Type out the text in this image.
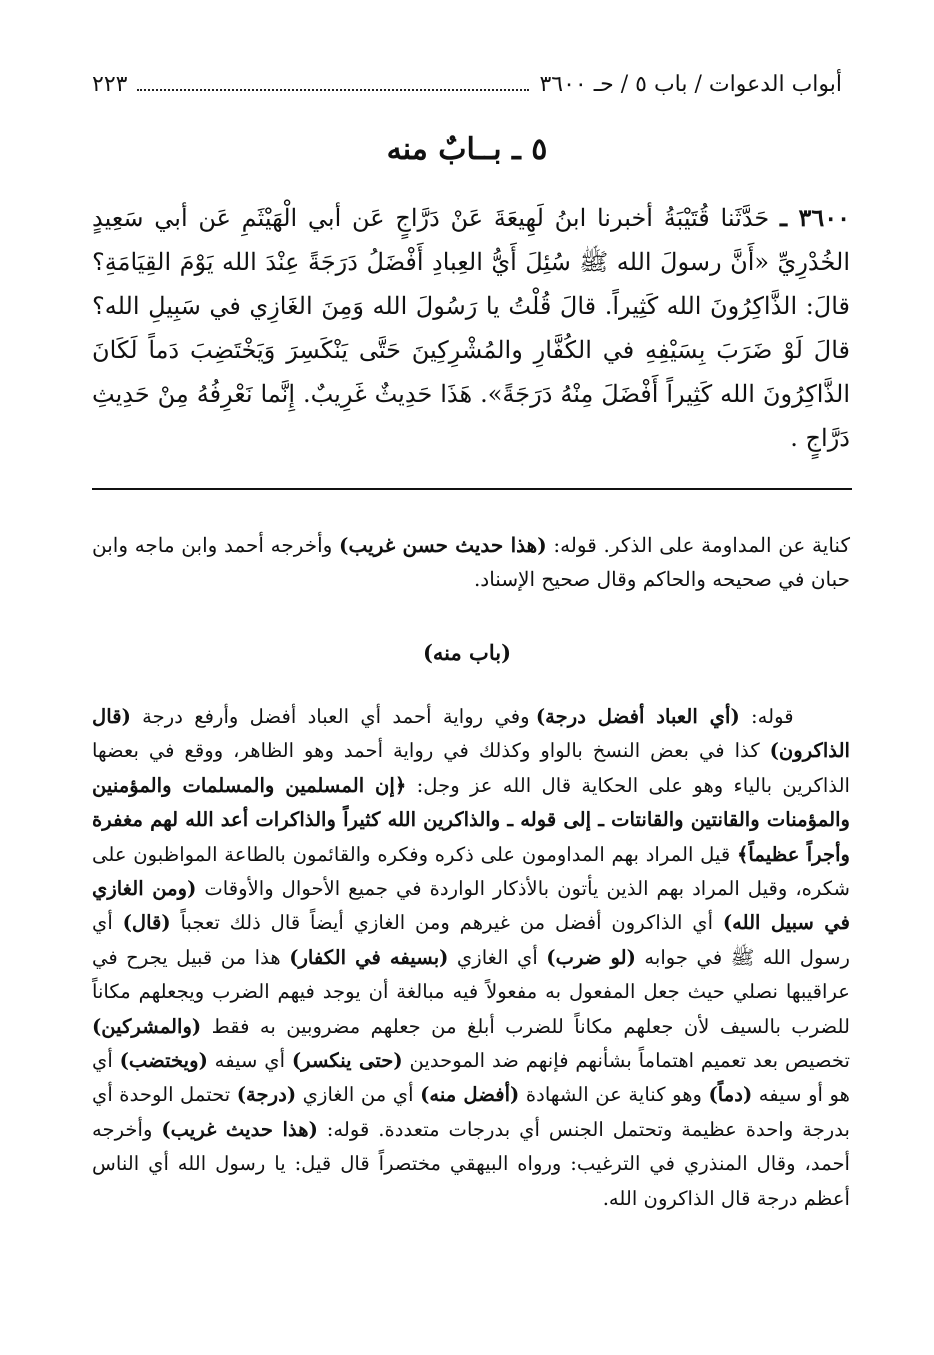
أبواب الدعوات / باب ٥ / حـ ٣٦٠٠
٢٢٣
٥ ـ بــابٌ منه
٣٦٠٠ ـ حَدَّثَنا قُتَيْبَةُ أخبرنا ابنُ لَهِيعَةَ عَنْ دَرَّاجٍ عَن أبي الْهَيْثَمِ عَن أبي سَعِيدٍ الخُدْرِيِّ «أَنَّ رسولَ الله ﷺ سُئِلَ أَيُّ العِبادِ أَفْضَلُ دَرَجَةً عِنْدَ الله يَوْمَ القِيَامَةِ؟ قالَ: الذَّاكِرُونَ الله كَثِيراً. قالَ قُلْتُ يا رَسُولَ الله وَمِنَ الغَازِي في سَبِيلِ الله؟ قالَ لَوْ ضَرَبَ بِسَيْفِهِ في الكُفَّارِ والمُشْرِكِينَ حَتَّى يَنْكَسِرَ وَيَخْتَضِبَ دَماً لَكَانَ الذَّاكِرُونَ الله كَثِيراً أَفْضَلَ مِنْهُ دَرَجَةً». هَذَا حَدِيثٌ غَرِيبٌ. إِنَّما نَعْرِفُهُ مِنْ حَدِيثِ دَرَّاجٍ .

كناية عن المداومة على الذكر. قوله: (هذا حديث حسن غريب) وأخرجه أحمد وابن ماجه وابن حبان في صحيحه والحاكم وقال صحيح الإسناد.

(باب منه)

قوله: (أي العباد أفضل درجة) وفي رواية أحمد أي العباد أفضل وأرفع درجة (قال الذاكرون) كذا في بعض النسخ بالواو وكذلك في رواية أحمد وهو الظاهر، ووقع في بعضها الذاكرين بالياء وهو على الحكاية قال الله عز وجل: ﴿إن المسلمين والمسلمات والمؤمنين والمؤمنات والقانتين والقانتات ـ إلى قوله ـ والذاكرين الله كثيراً والذاكرات أعد الله لهم مغفرة وأجراً عظيماً﴾ قيل المراد بهم المداومون على ذكره وفكره والقائمون بالطاعة المواظبون على شكره، وقيل المراد بهم الذين يأتون بالأذكار الواردة في جميع الأحوال والأوقات (ومن الغازي في سبيل الله) أي الذاكرون أفضل من غيرهم ومن الغازي أيضاً قال ذلك تعجباً (قال) أي رسول الله ﷺ في جوابه (لو ضرب) أي الغازي (بسيفه في الكفار) هذا من قبيل يجرح في عراقيبها نصلي حيث جعل المفعول به مفعولاً فيه مبالغة أن يوجد فيهم الضرب ويجعلهم مكاناً للضرب بالسيف لأن جعلهم مكاناً للضرب أبلغ من جعلهم مضروبين به فقط (والمشركين) تخصيص بعد تعميم اهتماماً بشأنهم فإنهم ضد الموحدين (حتى ينكسر) أي سيفه (ويختضب) أي هو أو سيفه (دماً) وهو كناية عن الشهادة (أفضل منه) أي من الغازي (درجة) تحتمل الوحدة أي بدرجة واحدة عظيمة وتحتمل الجنس أي بدرجات متعددة. قوله: (هذا حديث غريب) وأخرجه أحمد، وقال المنذري في الترغيب: ورواه البيهقي مختصراً قال قيل: يا رسول الله أي الناس أعظم درجة قال الذاكرون الله.
